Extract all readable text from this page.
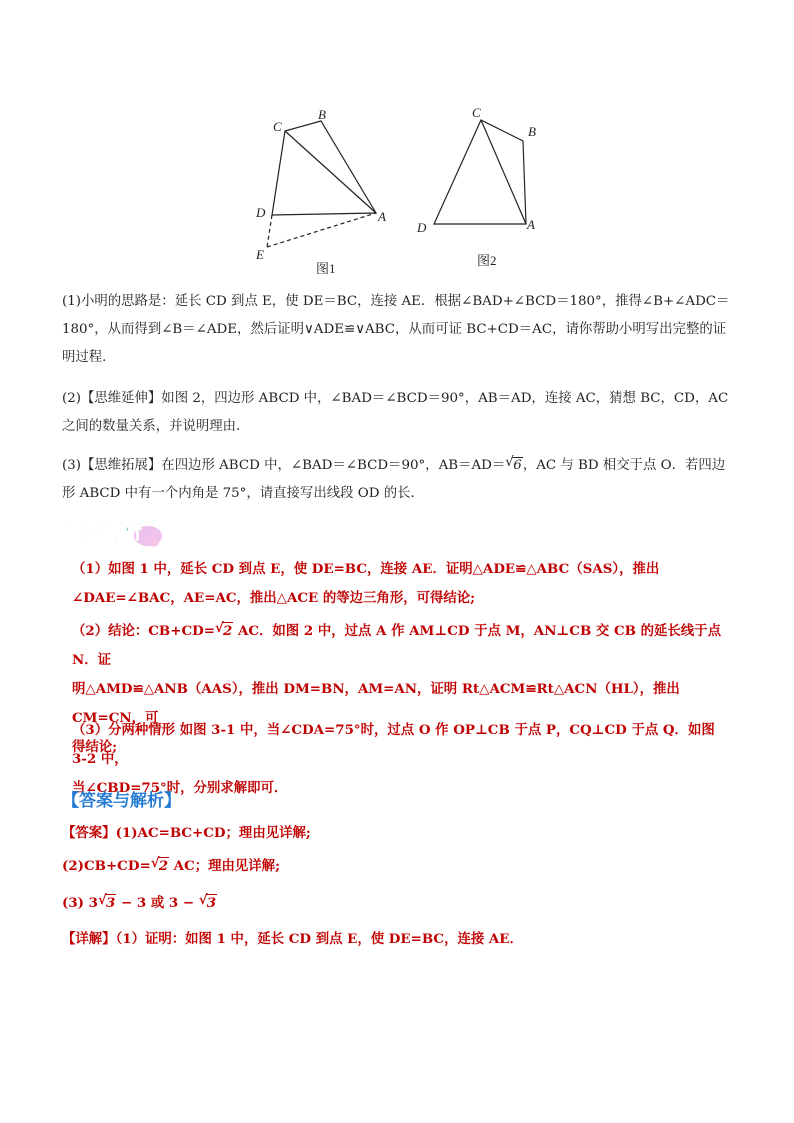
C
B
D	A
E
图1
C
B
D	A
图2
(1)小明的思路是：延长 CD 到点 E，使 DE＝BC，连接 AE．根据∠BAD+∠BCD＝180°，推得∠B+∠ADC＝
180°，从而得到∠B＝∠ADE，然后证明∨ADE≌∨ABC，从而可证 BC+CD＝AC，请你帮助小明写出完整的证
明过程．
(2)【思维延伸】如图 2，四边形 ABCD 中，∠BAD＝∠BCD＝90°，AB＝AD，连接 AC，猜想 BC，CD，AC
之间的数量关系，并说明理由．
(3)【思维拓展】在四边形 ABCD 中，∠BAD＝∠BCD＝90°，AB＝AD＝ √ 6，AC 与 BD 相交于点 O．若四边
形 ABCD 中有一个内角是 75°，请直接写出线段 OD 的长．
思路分析
（1）如图 1 中，延长 CD 到点 E，使 DE=BC，连接 AE．证明△ADE≌△ABC（SAS），推出
∠DAE=∠BAC，AE=AC，推出△ACE 的等边三角形，可得结论;
（2）结论：CB+CD= √ 2 AC．如图 2 中，过点 A 作 AM⊥CD 于点 M，AN⊥CB 交 CB 的延长线于点 N．证
明△AMD≌△ANB（AAS），推出 DM=BN，AM=AN，证明 Rt△ACM≌Rt△ACN（HL），推出 CM=CN，可
得结论;
（3）分两种情形 如图 3-1 中，当∠CDA=75°时，过点 O 作 OP⊥CB 于点 P，CQ⊥CD 于点 Q．如图 3-2 中，
当∠CBD=75°时，分别求解即可．
【答案与解析】
【答案】(1)AC=BC+CD；理由见详解;
(2)CB+CD= √ 2 AC；理由见详解;
(3) 3 √ 3 − 3 或 3 − √ 3
【详解】（1）证明：如图 1 中，延长 CD 到点 E，使 DE=BC，连接 AE．
